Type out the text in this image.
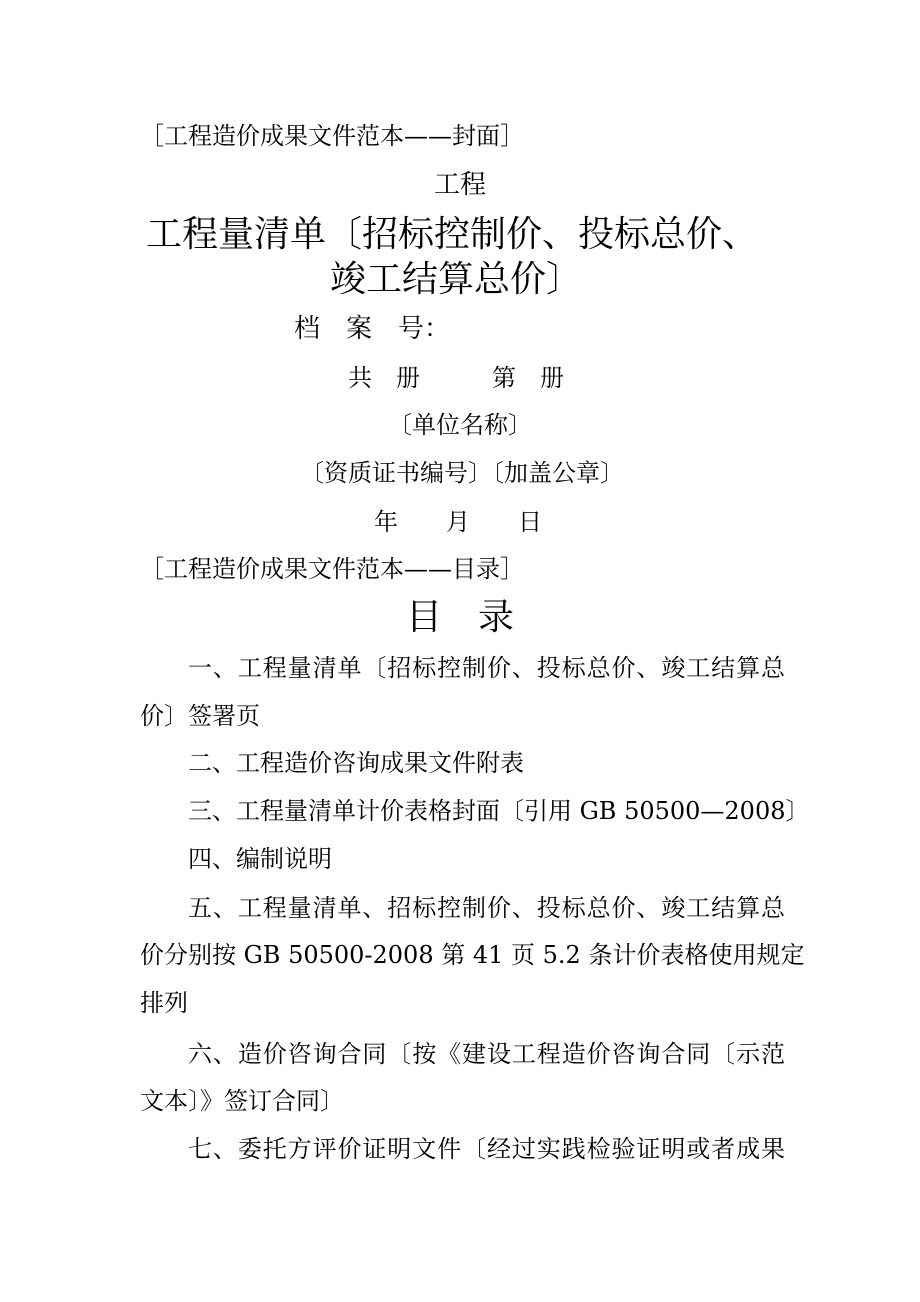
［工程造价成果文件范本——封面］
工程
工程量清单〔招标控制价、投标总价、
竣工结算总价〕
档　案　号：
共　册　　　第　册
〔单位名称〕
〔资质证书编号〕〔加盖公章〕
年　　月　　日
［工程造价成果文件范本——目录］
目　录
一、工程量清单〔招标控制价、投标总价、竣工结算总
价〕签署页
二、工程造价咨询成果文件附表
三、工程量清单计价表格封面〔引用 GB 50500—2008〕
四、编制说明
五、工程量清单、招标控制价、投标总价、竣工结算总
价分别按 GB 50500-2008 第 41 页 5.2 条计价表格使用规定
排列
六、造价咨询合同〔按《建设工程造价咨询合同〔示范
文本〕》签订合同〕
七、委托方评价证明文件〔经过实践检验证明或者成果
